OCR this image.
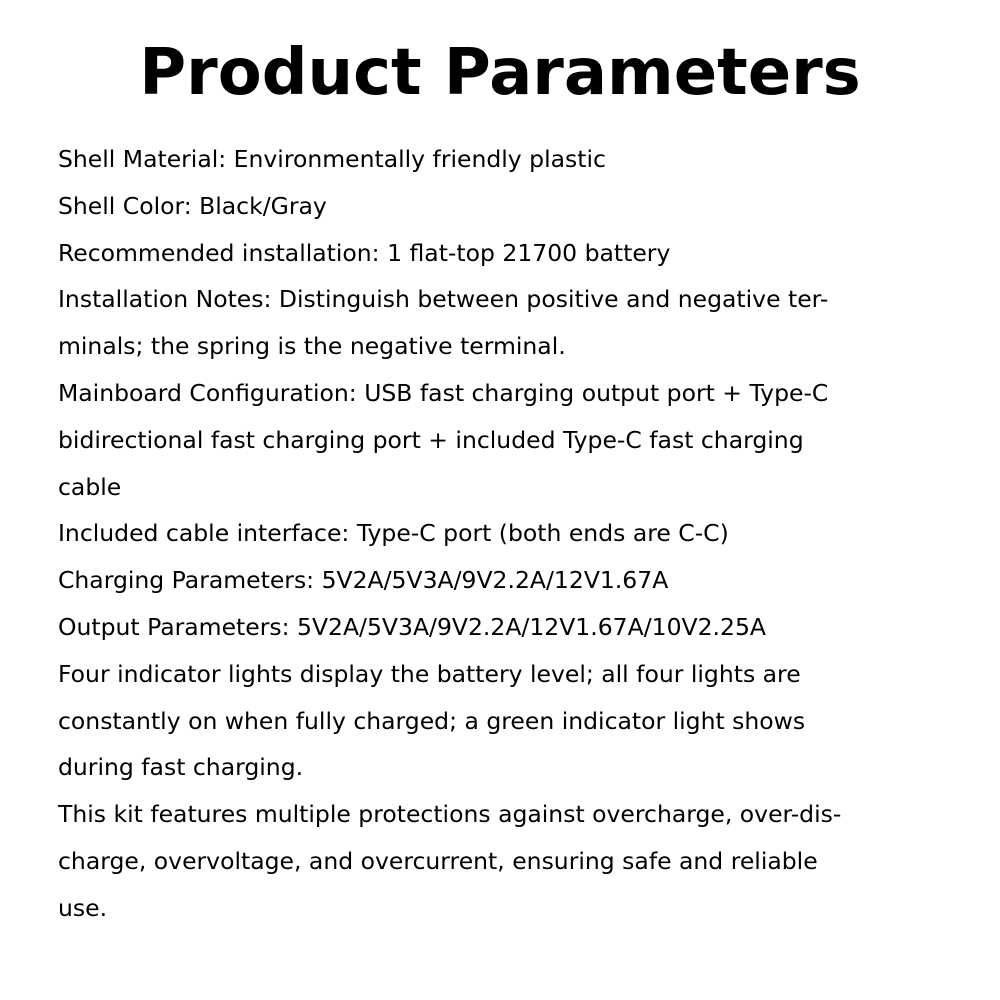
Product Parameters
Shell Material: Environmentally friendly plastic
Shell Color: Black/Gray
Recommended installation: 1 flat-top 21700 battery
Installation Notes: Distinguish between positive and negative ter-
minals; the spring is the negative terminal.
Mainboard Configuration: USB fast charging output port + Type-C
bidirectional fast charging port + included Type-C fast charging
cable
Included cable interface: Type-C port (both ends are C-C)
Charging Parameters: 5V2A/5V3A/9V2.2A/12V1.67A
Output Parameters: 5V2A/5V3A/9V2.2A/12V1.67A/10V2.25A
Four indicator lights display the battery level; all four lights are
constantly on when fully charged; a green indicator light shows
during fast charging.
This kit features multiple protections against overcharge, over-dis-
charge, overvoltage, and overcurrent, ensuring safe and reliable
use.
